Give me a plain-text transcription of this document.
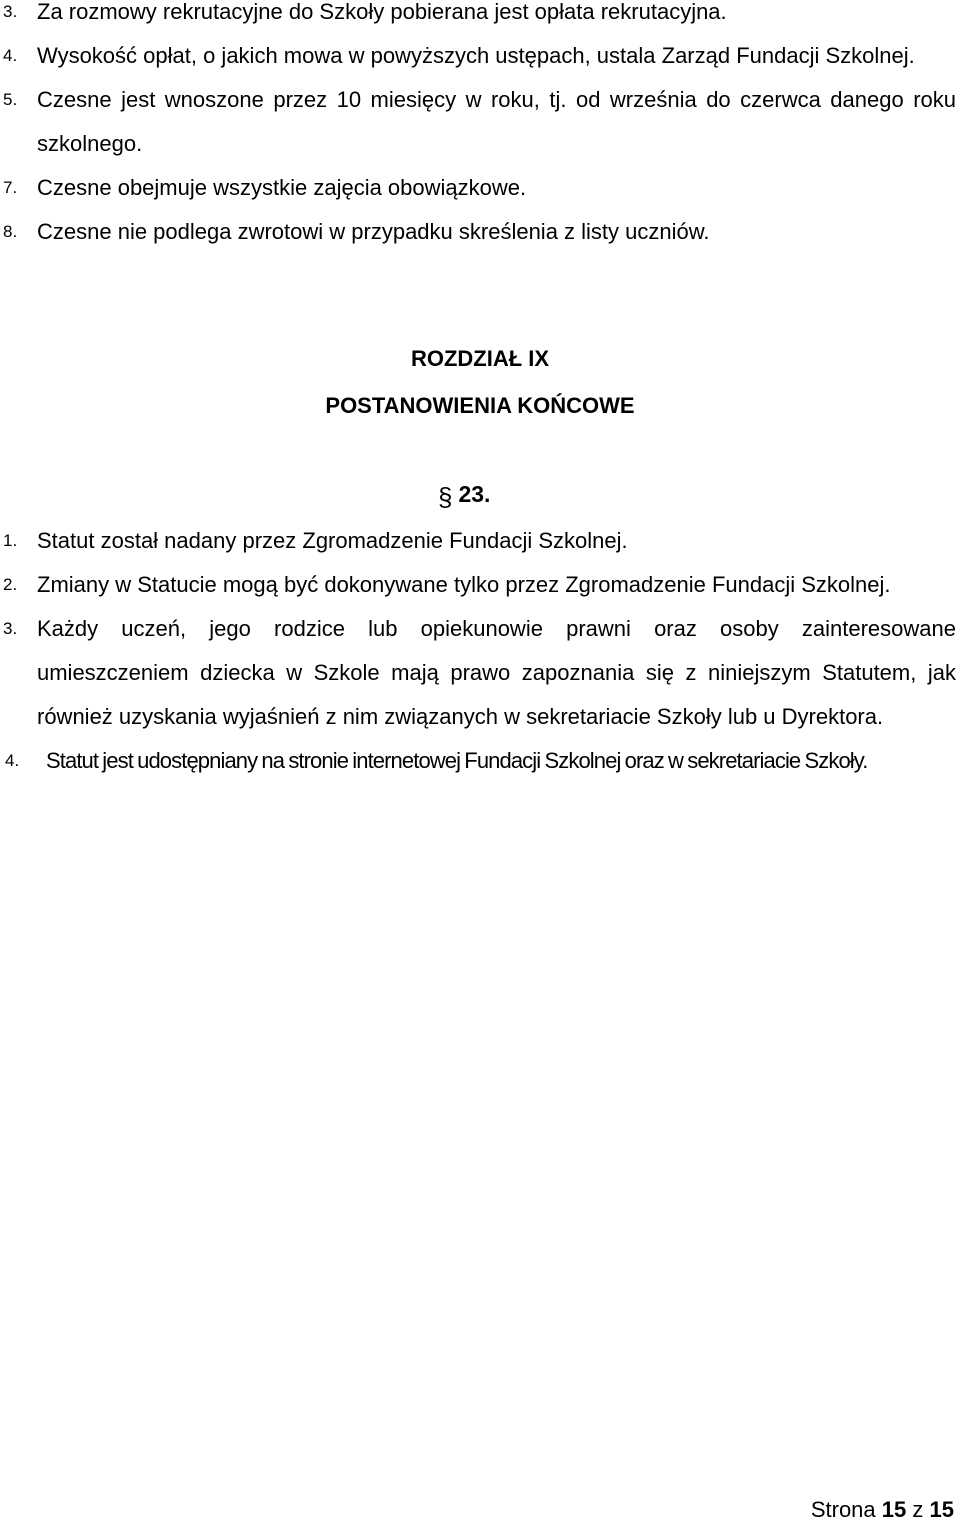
3. Za rozmowy rekrutacyjne do Szkoły pobierana jest opłata rekrutacyjna.
4. Wysokość opłat, o jakich mowa w powyższych ustępach, ustala Zarząd Fundacji Szkolnej.
5. Czesne jest wnoszone przez 10 miesięcy w roku, tj. od września do czerwca danego roku szkolnego.
7. Czesne obejmuje wszystkie zajęcia obowiązkowe.
8. Czesne nie podlega zwrotowi w przypadku skreślenia z listy uczniów.
ROZDZIAŁ IX
POSTANOWIENIA KOŃCOWE
§ 23.
1. Statut został nadany przez Zgromadzenie Fundacji Szkolnej.
2. Zmiany w Statucie mogą być dokonywane tylko przez Zgromadzenie Fundacji Szkolnej.
3. Każdy uczeń, jego rodzice lub opiekunowie prawni oraz osoby zainteresowane umieszczeniem dziecka w Szkole mają prawo zapoznania się z niniejszym Statutem, jak również uzyskania wyjaśnień z nim związanych w sekretariacie Szkoły lub u Dyrektora.
4. Statut jest udostępniany na stronie internetowej Fundacji Szkolnej oraz w sekretariacie Szkoły.
Strona 15 z 15
